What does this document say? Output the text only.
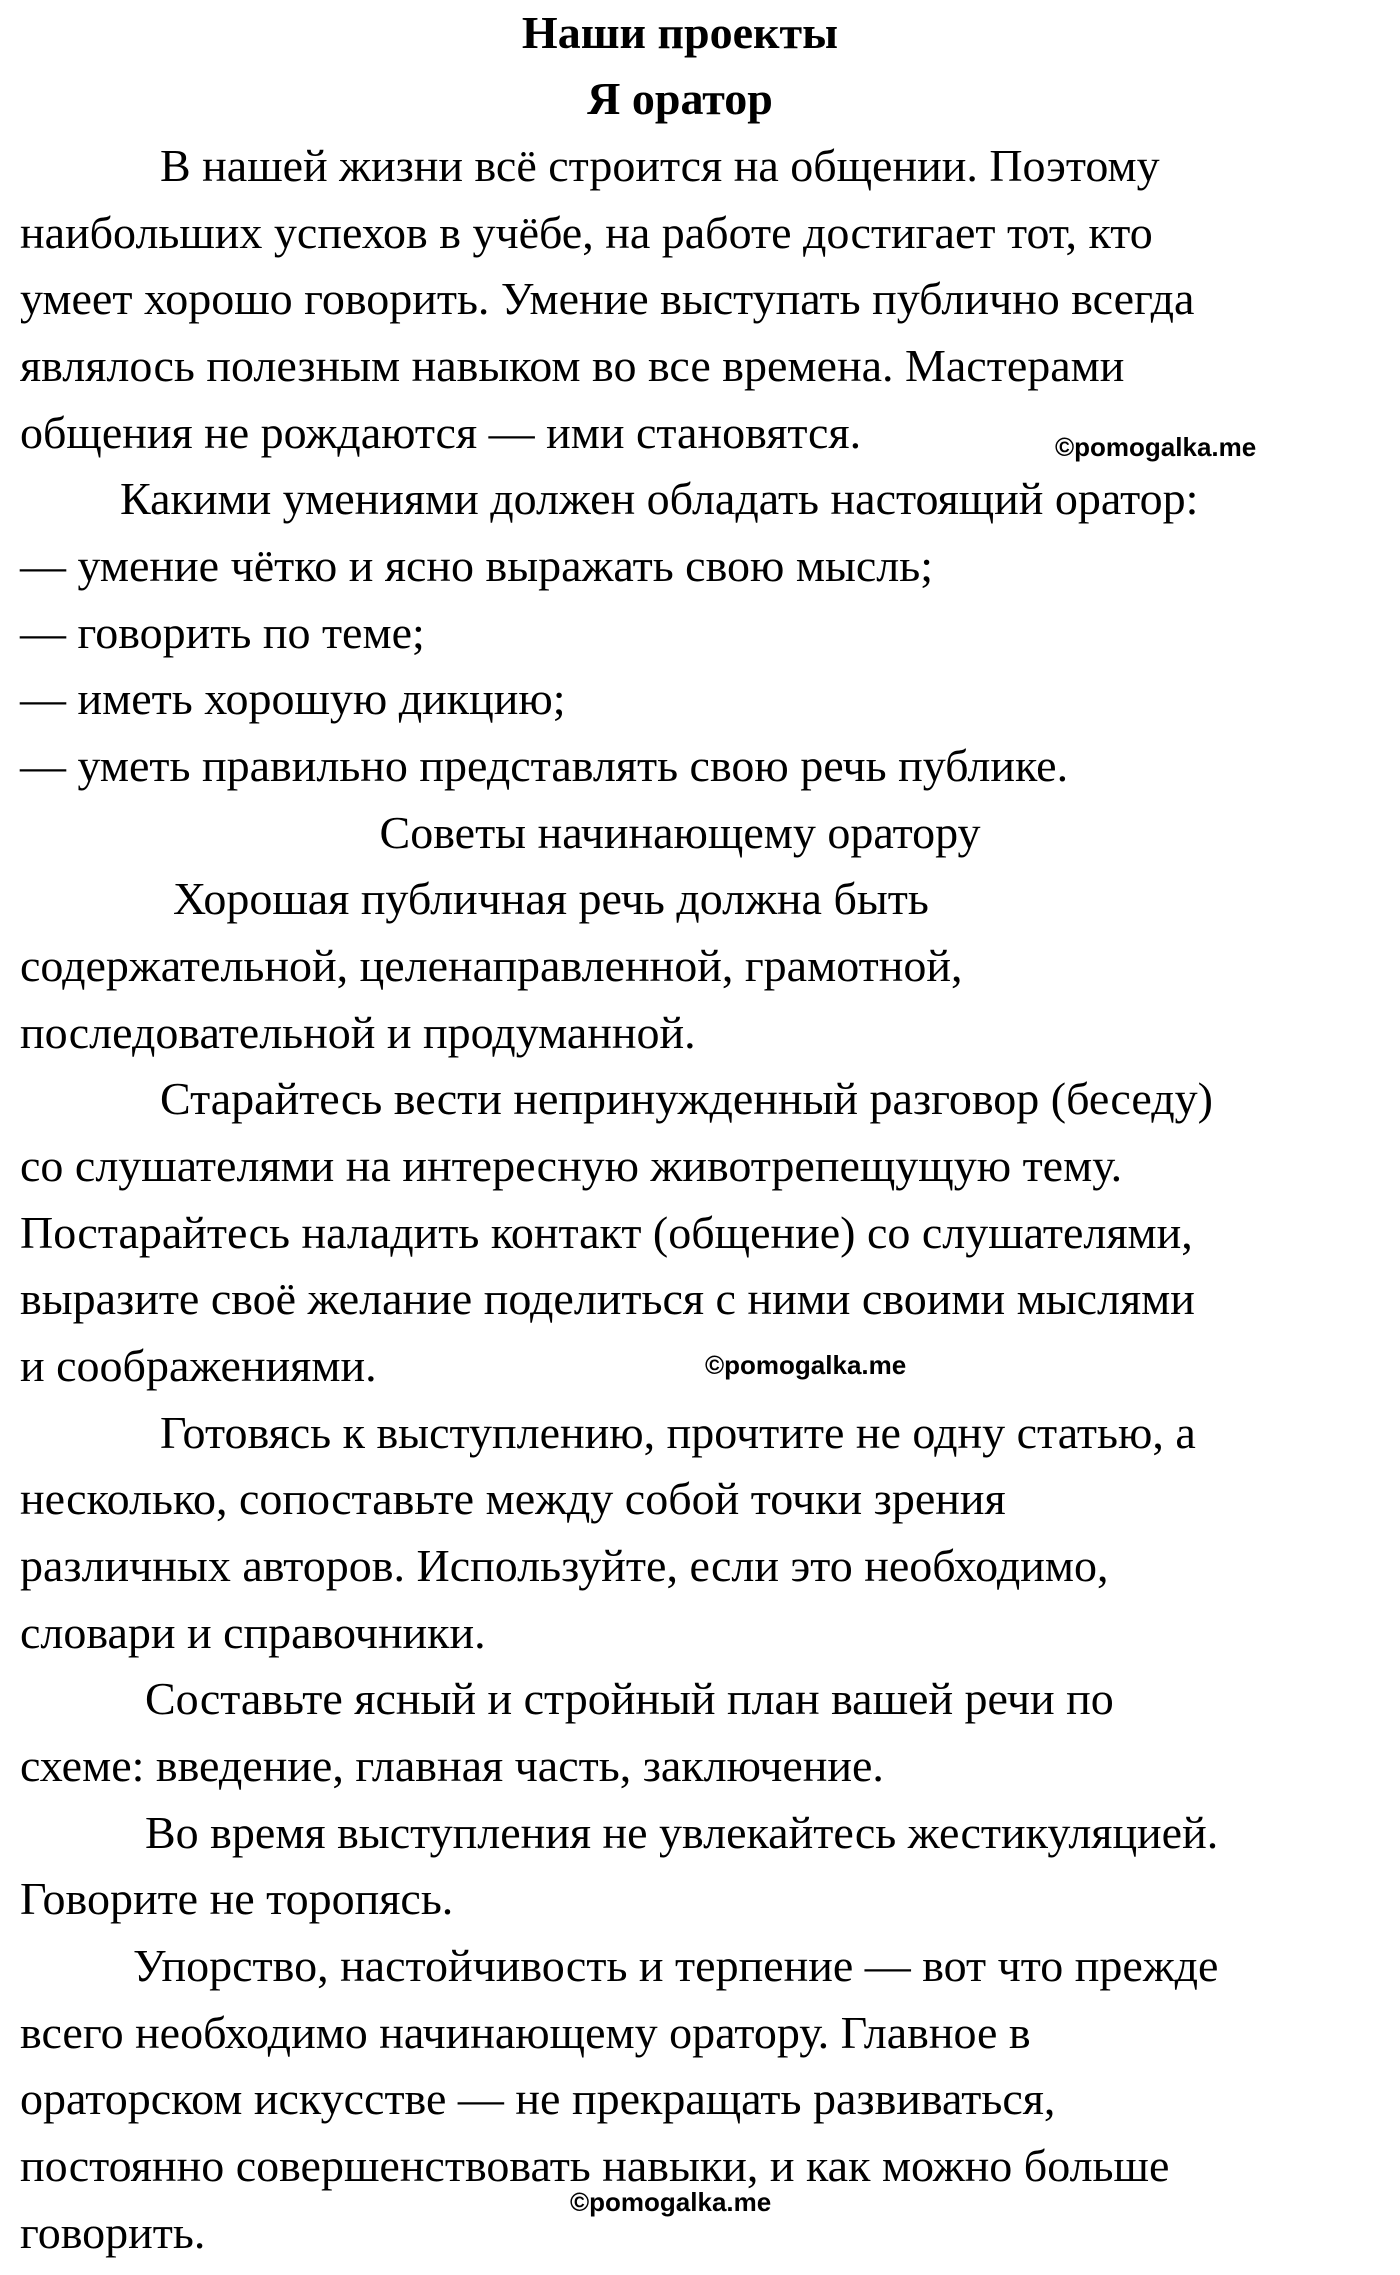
Наши проекты

Я оратор

В нашей жизни всё строится на общении. Поэтому

наибольших успехов в учёбе, на работе достигает тот, кто

умеет хорошо говорить. Умение выступать публично всегда

являлось полезным навыком во все времена. Мастерами

общения не рождаются — ими становятся.	©pomogalka.me

Какими умениями должен обладать настоящий оратор:

— умение чётко и ясно выражать свою мысль;

— говорить по теме;

— иметь хорошую дикцию;

— уметь правильно представлять свою речь публике.

Советы начинающему оратору

Хорошая публичная речь должна быть

содержательной, целенаправленной, грамотной,

последовательной и продуманной.

Старайтесь вести непринужденный разговор (беседу)

со слушателями на интересную животрепещущую тему.

Постарайтесь наладить контакт (общение) со слушателями,

выразите своё желание поделиться с ними своими мыслями

и соображениями.	©pomogalka.me

Готовясь к выступлению, прочтите не одну статью, а

несколько, сопоставьте между собой точки зрения

различных авторов. Используйте, если это необходимо,

словари и справочники.

Составьте ясный и стройный план вашей речи по

схеме: введение, главная часть, заключение.

Во время выступления не увлекайтесь жестикуляцией.

Говорите не торопясь.

Упорство, настойчивость и терпение — вот что прежде

всего необходимо начинающему оратору. Главное в

ораторском искусстве — не прекращать развиваться,

постоянно совершенствовать навыки, и как можно больше

говорить.

©pomogalka.me
